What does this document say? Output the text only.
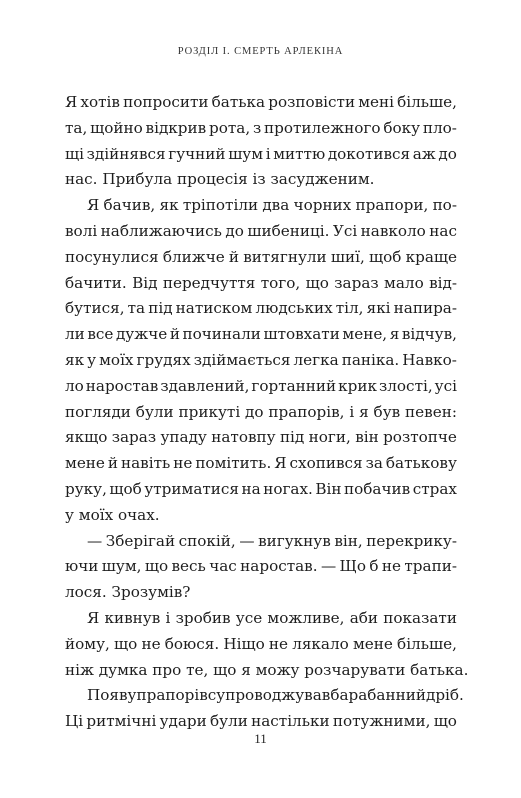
РОЗДІЛ І. СМЕРТЬ АРЛЕКІНА
Я хотів попросити батька розповісти мені більше,
та, щойно відкрив рота, з протилежного боку пло-
щі здійнявся гучний шум і миттю докотився аж до
нас. Прибула процесія із засудженим.
Я бачив, як тріпотіли два чорних прапори, по-
волі наближаючись до шибениці. Усі навколо нас
посунулися ближче й витягнули шиї, щоб краще
бачити. Від передчуття того, що зараз мало від-
бутися, та під натиском людських тіл, які напира-
ли все дужче й починали штовхати мене, я відчув,
як у моїх грудях здіймається легка паніка. Навко-
ло наростав здавлений, гортанний крик злості, усі
погляди були прикуті до прапорів, і я був певен:
якщо зараз упаду натовпу під ноги, він розтопче
мене й навіть не помітить. Я схопився за батькову
руку, щоб утриматися на ногах. Він побачив страх
у моїх очах.
— Зберігай спокій, — вигукнув він, перекрику-
ючи шум, що весь час наростав. — Що б не трапи-
лося. Зрозумів?
Я кивнув і зробив усе можливе, аби показати
йому, що не боюся. Ніщо не лякало мене більше,
ніж думка про те, що я можу розчарувати батька.
Появу прапорів супроводжував барабанний дріб.
Ці ритмічні удари були настільки потужними, що
11
